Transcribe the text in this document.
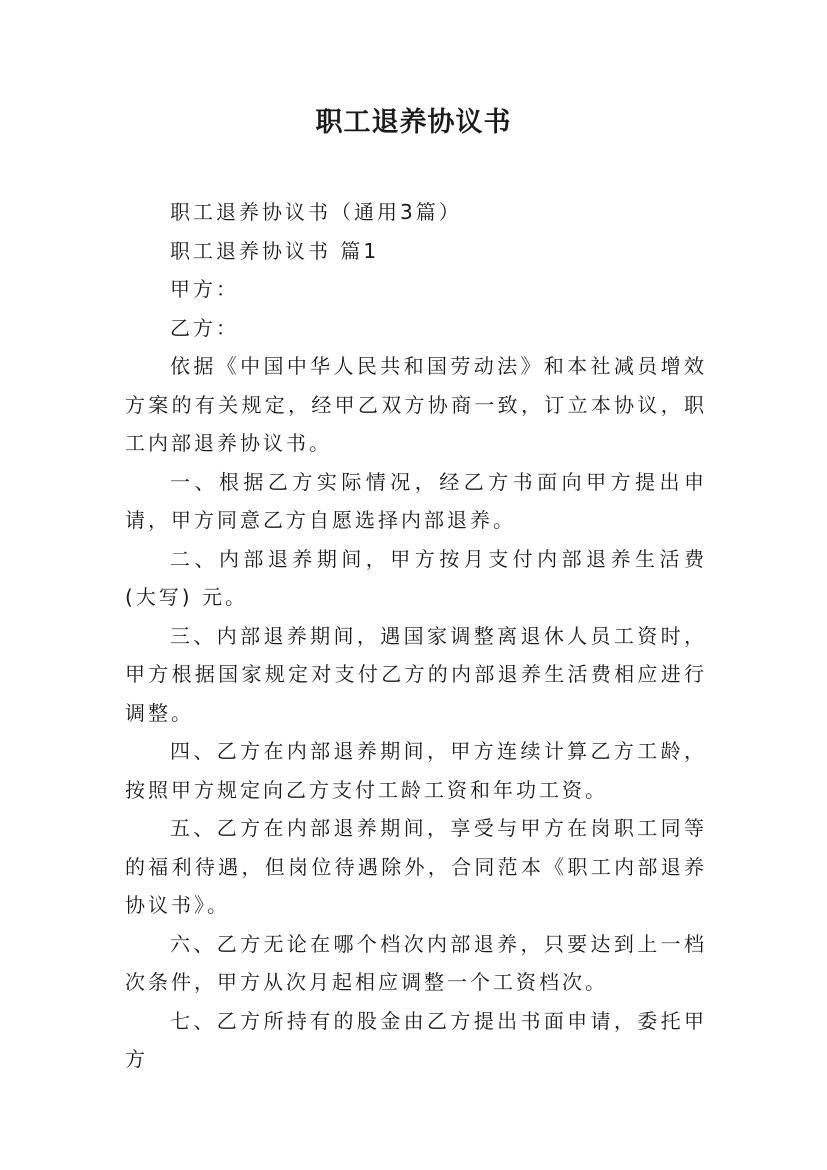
职工退养协议书

职工退养协议书（通用3篇）

职工退养协议书 篇1

甲方：

乙方：

依据《中国中华人民共和国劳动法》和本社减员增效方案的有关规定，经甲乙双方协商一致，订立本协议，职工内部退养协议书。

一、根据乙方实际情况，经乙方书面向甲方提出申请，甲方同意乙方自愿选择内部退养。

二、内部退养期间，甲方按月支付内部退养生活费(大写) 元。

三、内部退养期间，遇国家调整离退休人员工资时，甲方根据国家规定对支付乙方的内部退养生活费相应进行调整。

四、乙方在内部退养期间，甲方连续计算乙方工龄，按照甲方规定向乙方支付工龄工资和年功工资。

五、乙方在内部退养期间，享受与甲方在岗职工同等的福利待遇，但岗位待遇除外，合同范本《职工内部退养协议书》。

六、乙方无论在哪个档次内部退养，只要达到上一档次条件，甲方从次月起相应调整一个工资档次。

七、乙方所持有的股金由乙方提出书面申请，委托甲方
